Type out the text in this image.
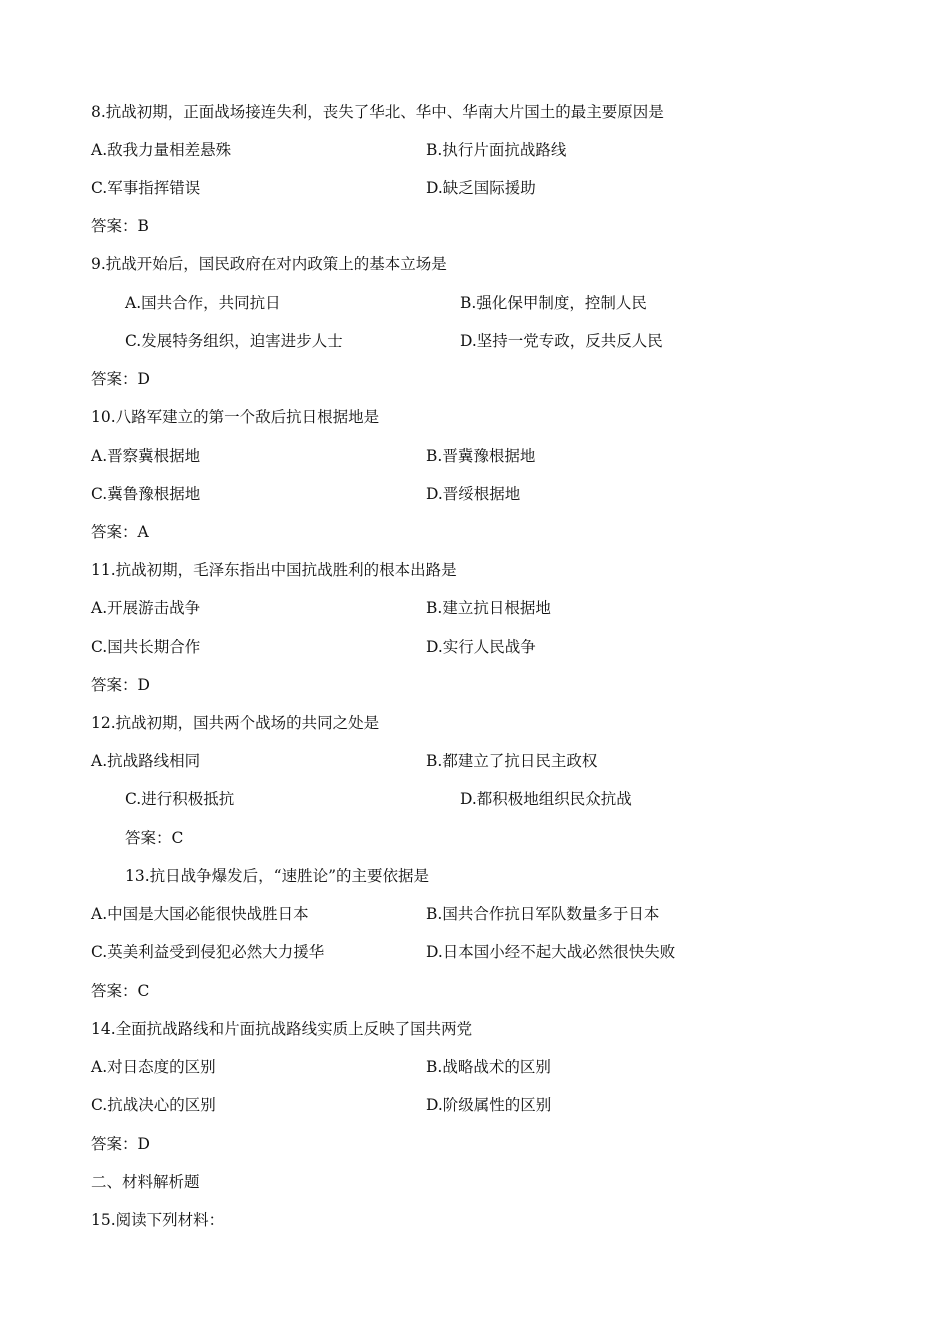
8.抗战初期，正面战场接连失利，丧失了华北、华中、华南大片国土的最主要原因是
A.敌我力量相差悬殊	B.执行片面抗战路线
C.军事指挥错误	D.缺乏国际援助
答案：B
9.抗战开始后，国民政府在对内政策上的基本立场是
A.国共合作，共同抗日	B.强化保甲制度，控制人民
C.发展特务组织，迫害进步人士	D.坚持一党专政，反共反人民
答案：D
10.八路军建立的第一个敌后抗日根据地是
A.晋察冀根据地	B.晋冀豫根据地
C.冀鲁豫根据地	D.晋绥根据地
答案：A
11.抗战初期，毛泽东指出中国抗战胜利的根本出路是
A.开展游击战争	B.建立抗日根据地
C.国共长期合作	D.实行人民战争
答案：D
12.抗战初期，国共两个战场的共同之处是
A.抗战路线相同	B.都建立了抗日民主政权
C.进行积极抵抗	D.都积极地组织民众抗战
答案：C
13.抗日战争爆发后，“速胜论”的主要依据是
A.中国是大国必能很快战胜日本	B.国共合作抗日军队数量多于日本
C.英美利益受到侵犯必然大力援华	D.日本国小经不起大战必然很快失败
答案：C
14.全面抗战路线和片面抗战路线实质上反映了国共两党
A.对日态度的区别	B.战略战术的区别
C.抗战决心的区别	D.阶级属性的区别
答案：D
二、材料解析题
15.阅读下列材料：
